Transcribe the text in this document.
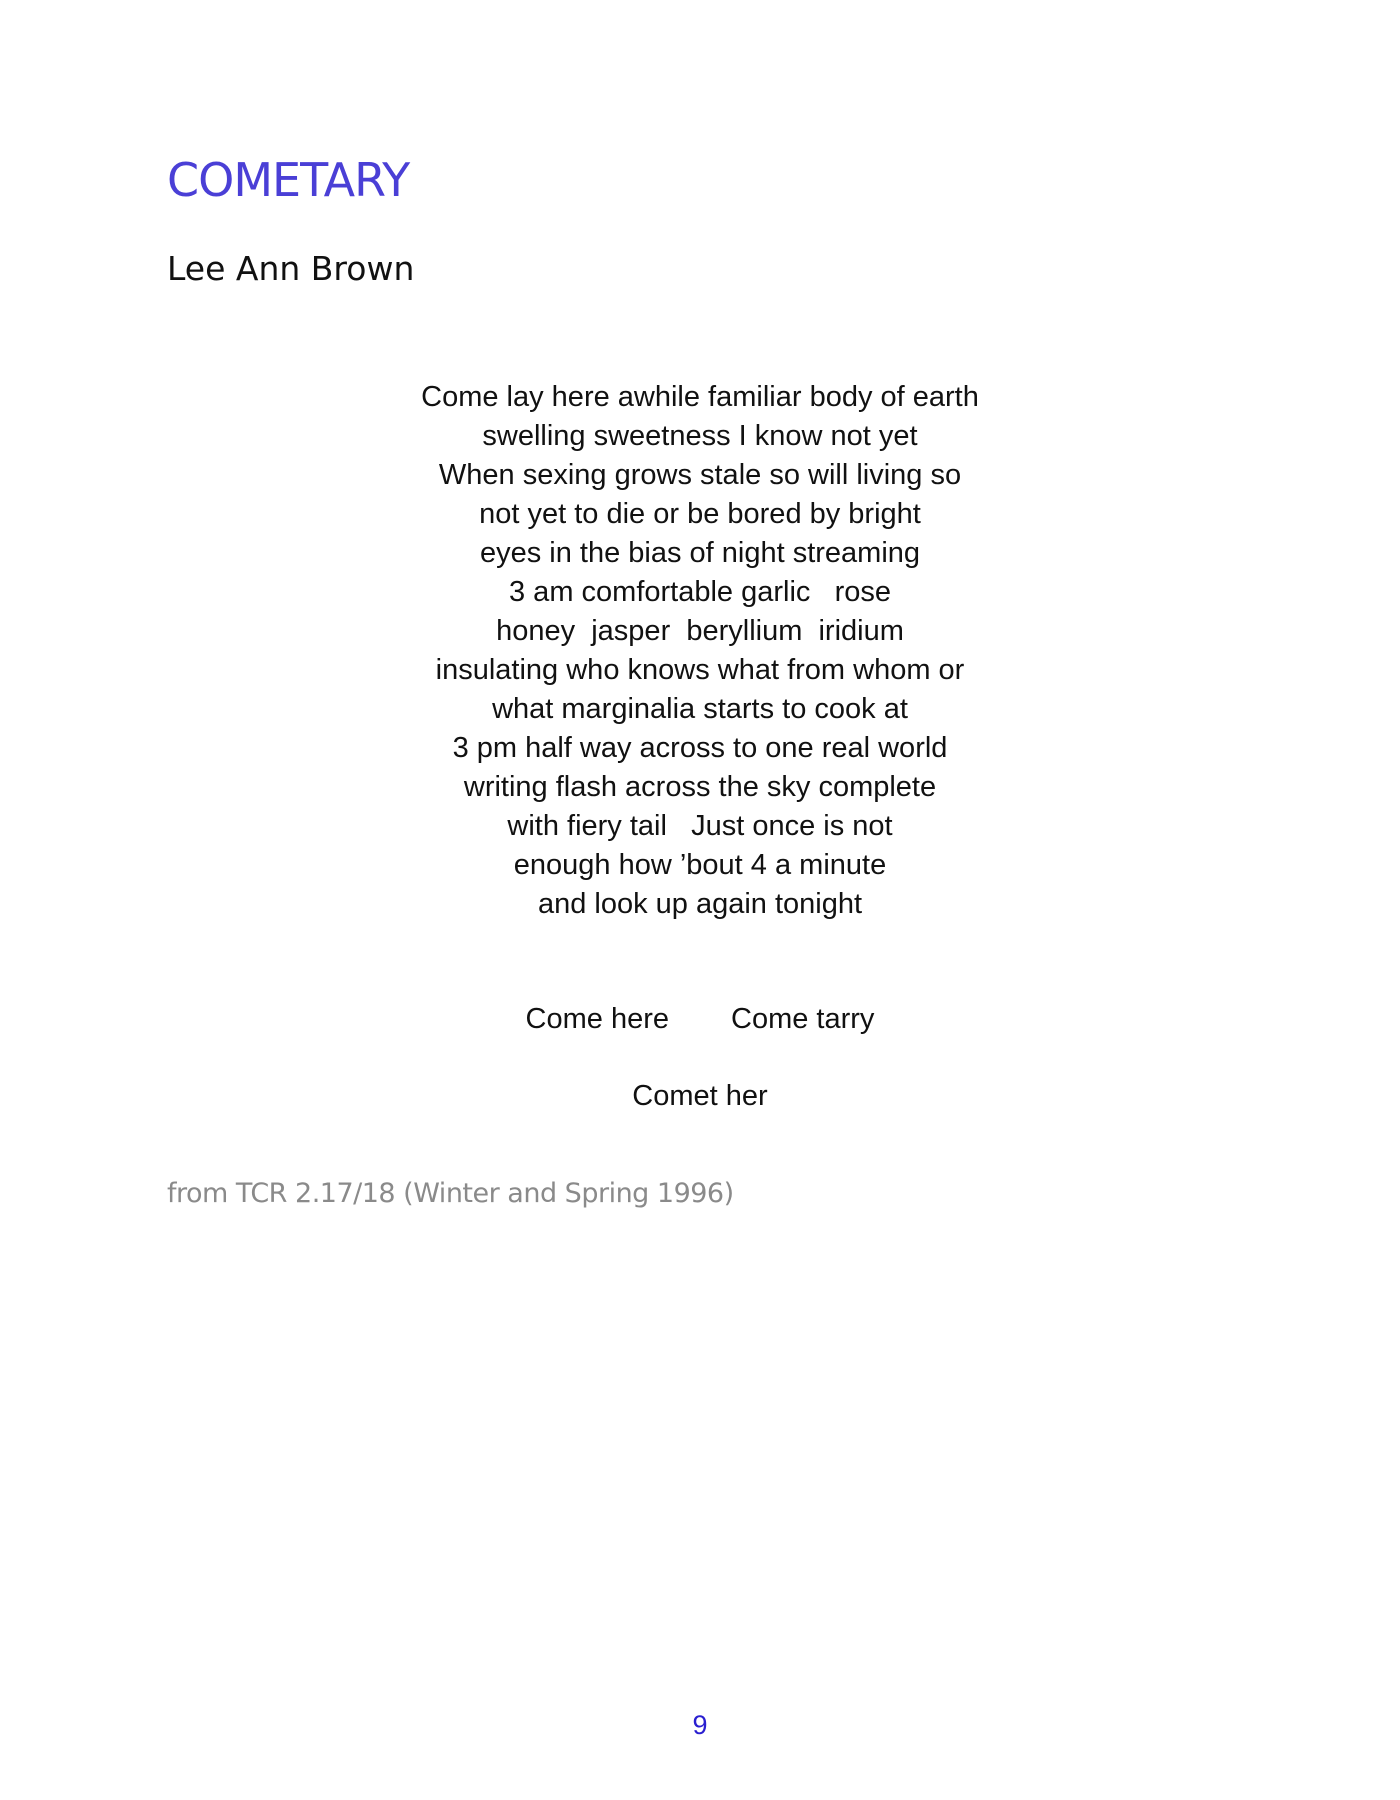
COMETARY
Lee Ann Brown
Come lay here awhile familiar body of earth
swelling sweetness I know not yet
When sexing grows stale so will living so
not yet to die or be bored by bright
eyes in the bias of night streaming
3 am comfortable garlic   rose
honey  jasper  beryllium  iridium
insulating who knows what from whom or
what marginalia starts to cook at
3 pm half way across to one real world
writing flash across the sky complete
with fiery tail   Just once is not
enough how ’bout 4 a minute
and look up again tonight
Come here Come tarry
Comet her

from TCR 2.17/18 (Winter and Spring 1996)

9
